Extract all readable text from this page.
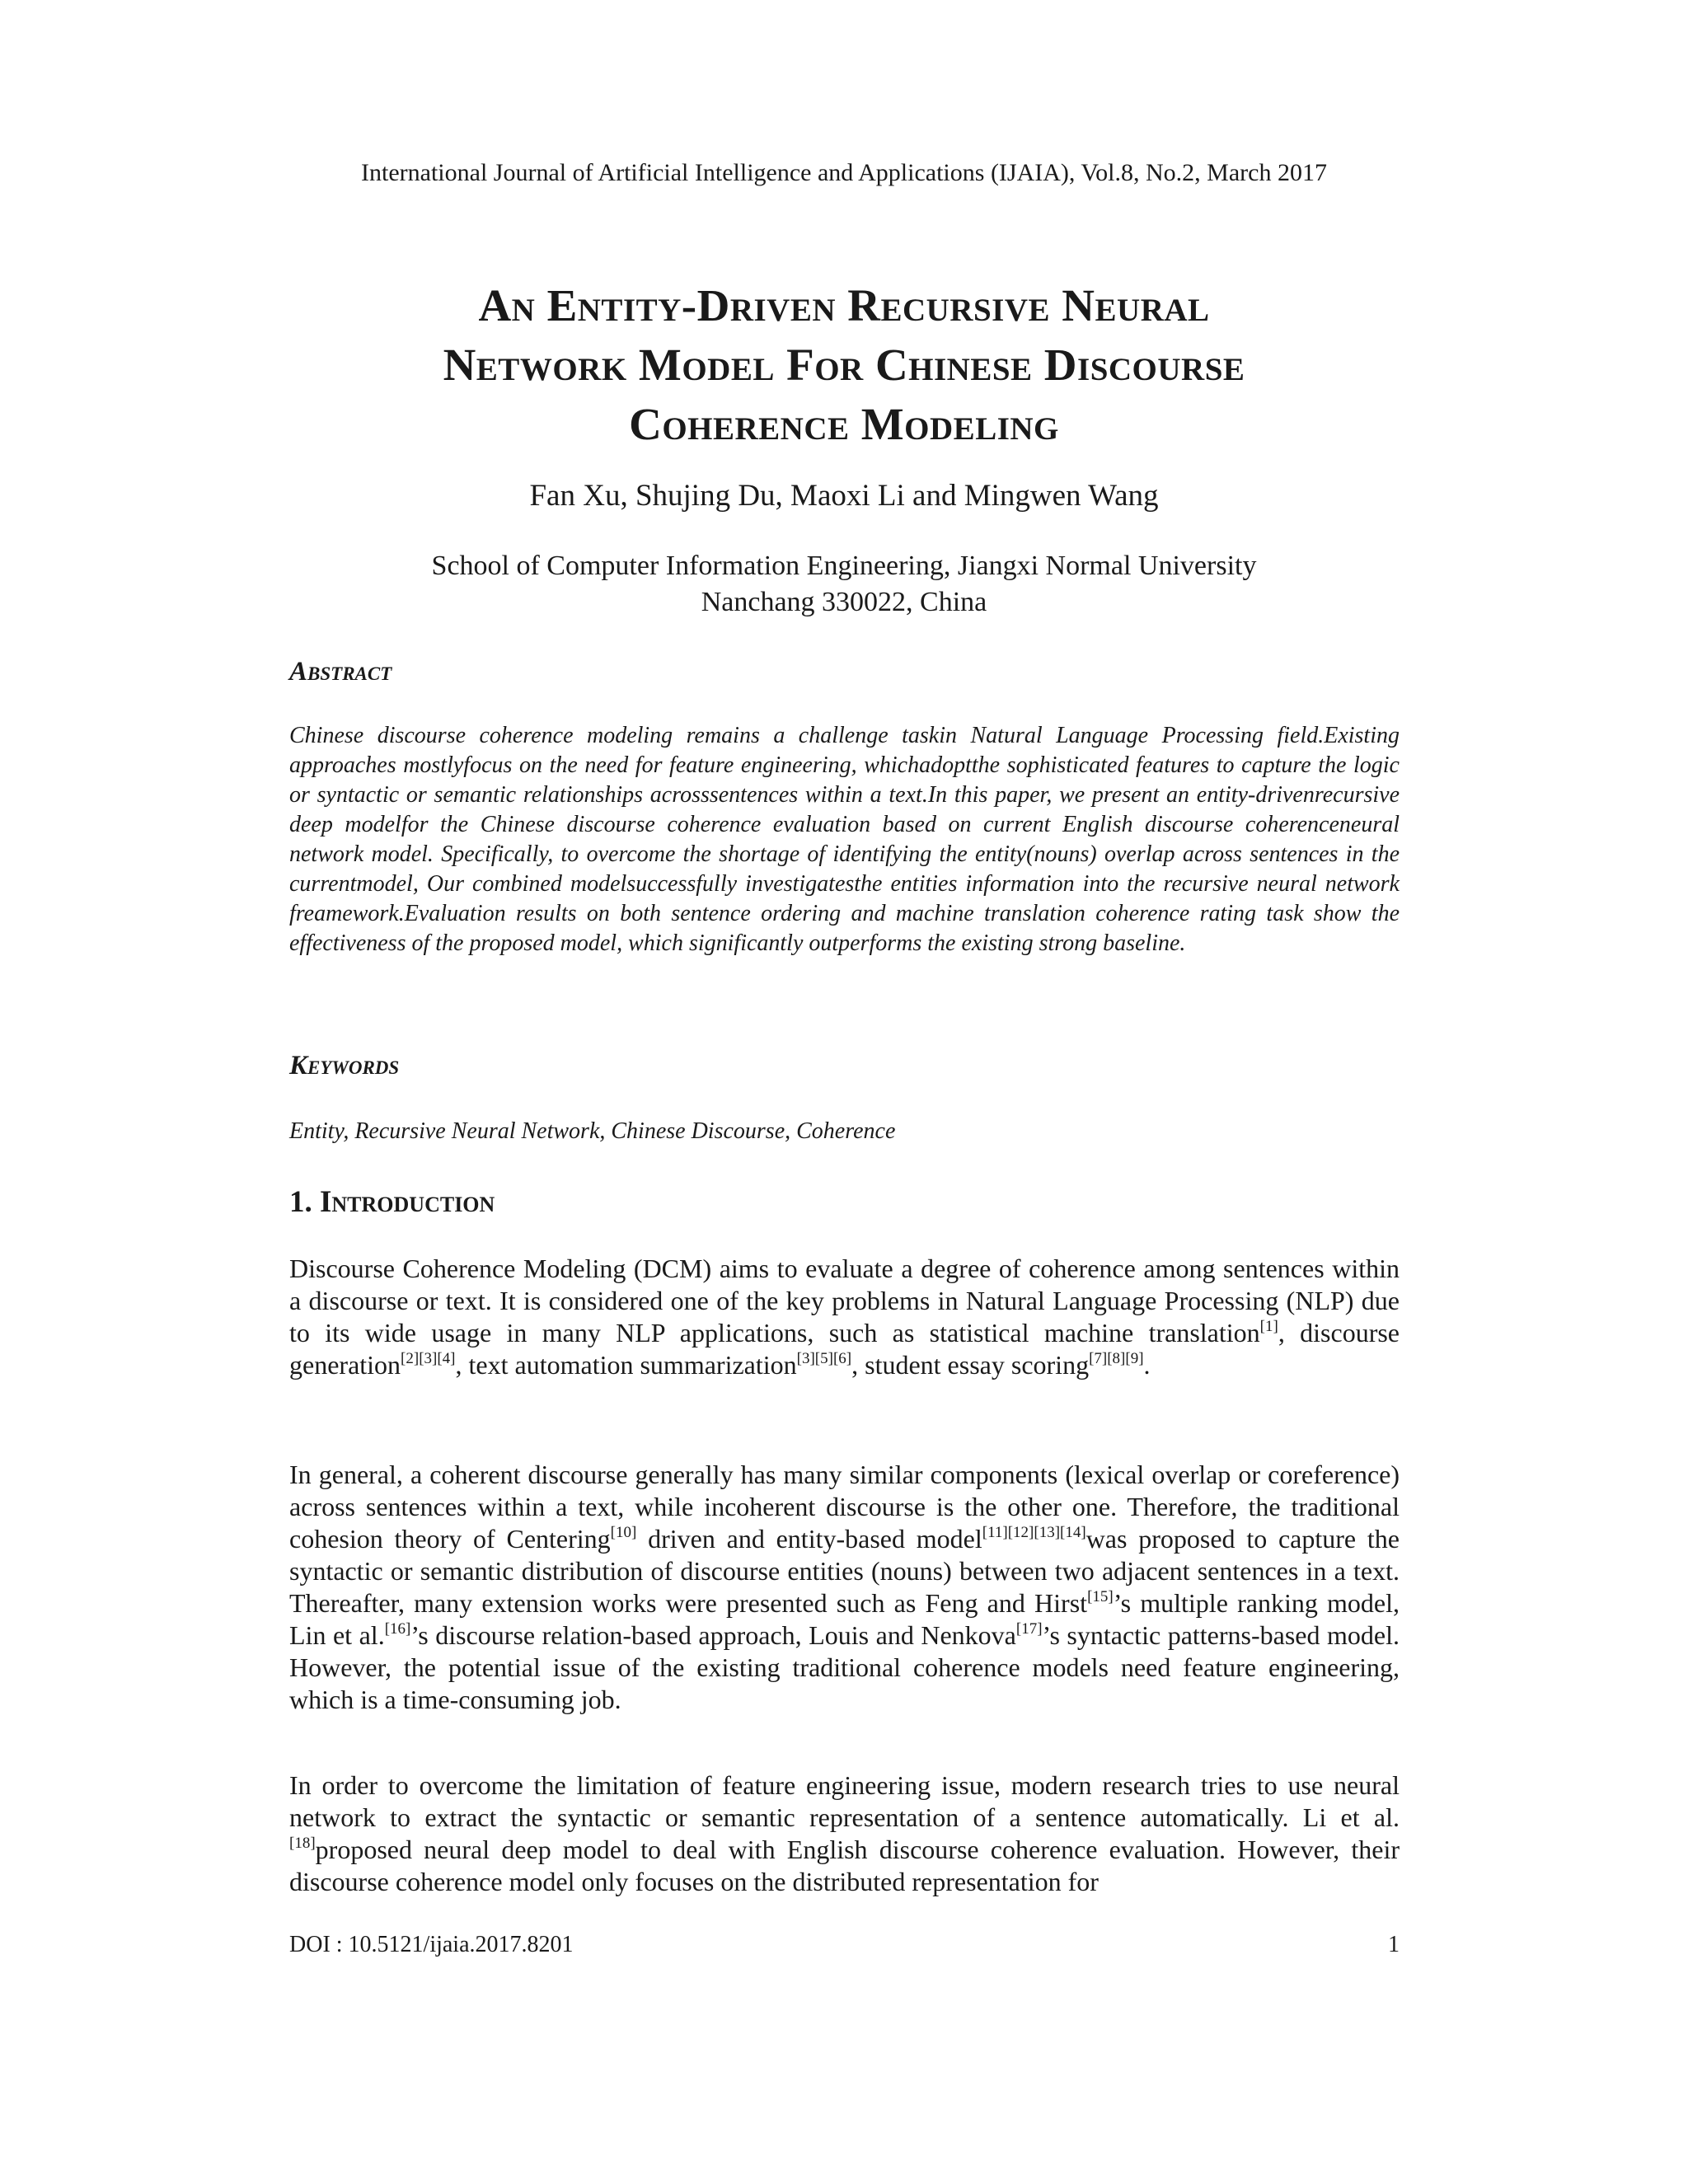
International Journal of Artificial Intelligence and Applications (IJAIA), Vol.8, No.2, March 2017
An Entity-Driven Recursive Neural
Network Model For Chinese Discourse
Coherence Modeling
Fan Xu, Shujing Du, Maoxi Li and Mingwen Wang
School of Computer Information Engineering, Jiangxi Normal University
Nanchang 330022, China
Abstract
Chinese discourse coherence modeling remains a challenge taskin Natural Language Processing field.Existing approaches mostlyfocus on the need for feature engineering, whichadoptthe sophisticated features to capture the logic or syntactic or semantic relationships acrosssentences within a text.In this paper, we present an entity-drivenrecursive deep modelfor the Chinese discourse coherence evaluation based on current English discourse coherenceneural network model. Specifically, to overcome the shortage of identifying the entity(nouns) overlap across sentences in the currentmodel, Our combined modelsuccessfully investigatesthe entities information into the recursive neural network freamework.Evaluation results on both sentence ordering and machine translation coherence rating task show the effectiveness of the proposed model, which significantly outperforms the existing strong baseline.
Keywords
Entity, Recursive Neural Network, Chinese Discourse, Coherence
1. Introduction
Discourse Coherence Modeling (DCM) aims to evaluate a degree of coherence among sentences within a discourse or text. It is considered one of the key problems in Natural Language Processing (NLP) due to its wide usage in many NLP applications, such as statistical machine translation[1], discourse generation[2][3][4], text automation summarization[3][5][6], student essay scoring[7][8][9].
In general, a coherent discourse generally has many similar components (lexical overlap or coreference) across sentences within a text, while incoherent discourse is the other one. Therefore, the traditional cohesion theory of Centering[10] driven and entity-based model[11][12][13][14]was proposed to capture the syntactic or semantic distribution of discourse entities (nouns) between two adjacent sentences in a text. Thereafter, many extension works were presented such as Feng and Hirst[15]’s multiple ranking model, Lin et al.[16]’s discourse relation-based approach, Louis and Nenkova[17]’s syntactic patterns-based model. However, the potential issue of the existing traditional coherence models need feature engineering, which is a time-consuming job.
In order to overcome the limitation of feature engineering issue, modern research tries to use neural network to extract the syntactic or semantic representation of a sentence automatically. Li et al.[18]proposed neural deep model to deal with English discourse coherence evaluation. However, their discourse coherence model only focuses on the distributed representation for
DOI : 10.5121/ijaia.2017.8201	1
